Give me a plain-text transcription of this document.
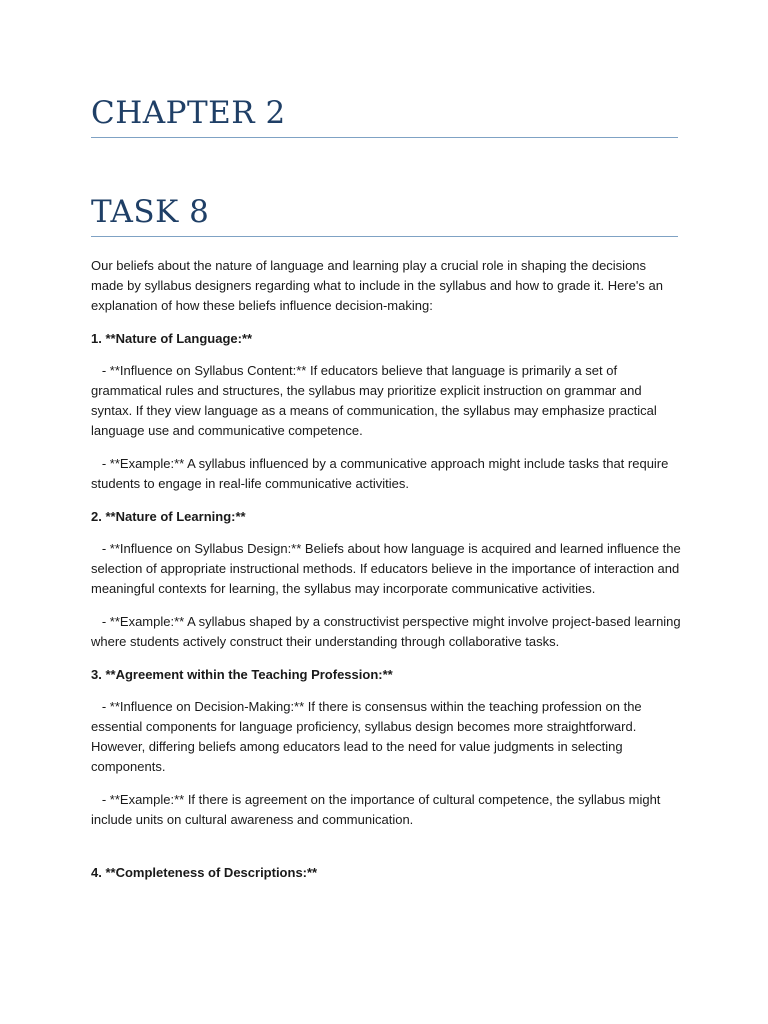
CHAPTER 2
TASK 8

Our beliefs about the nature of language and learning play a crucial role in shaping the decisions made by syllabus designers regarding what to include in the syllabus and how to grade it. Here's an explanation of how these beliefs influence decision-making:

1. **Nature of Language:**

- **Influence on Syllabus Content:** If educators believe that language is primarily a set of grammatical rules and structures, the syllabus may prioritize explicit instruction on grammar and syntax. If they view language as a means of communication, the syllabus may emphasize practical language use and communicative competence.

- **Example:** A syllabus influenced by a communicative approach might include tasks that require students to engage in real-life communicative activities.

2. **Nature of Learning:**

- **Influence on Syllabus Design:** Beliefs about how language is acquired and learned influence the selection of appropriate instructional methods. If educators believe in the importance of interaction and meaningful contexts for learning, the syllabus may incorporate communicative activities.

- **Example:** A syllabus shaped by a constructivist perspective might involve project-based learning where students actively construct their understanding through collaborative tasks.

3. **Agreement within the Teaching Profession:**

- **Influence on Decision-Making:** If there is consensus within the teaching profession on the essential components for language proficiency, syllabus design becomes more straightforward. However, differing beliefs among educators lead to the need for value judgments in selecting components.

- **Example:** If there is agreement on the importance of cultural competence, the syllabus might include units on cultural awareness and communication.

4. **Completeness of Descriptions:**
